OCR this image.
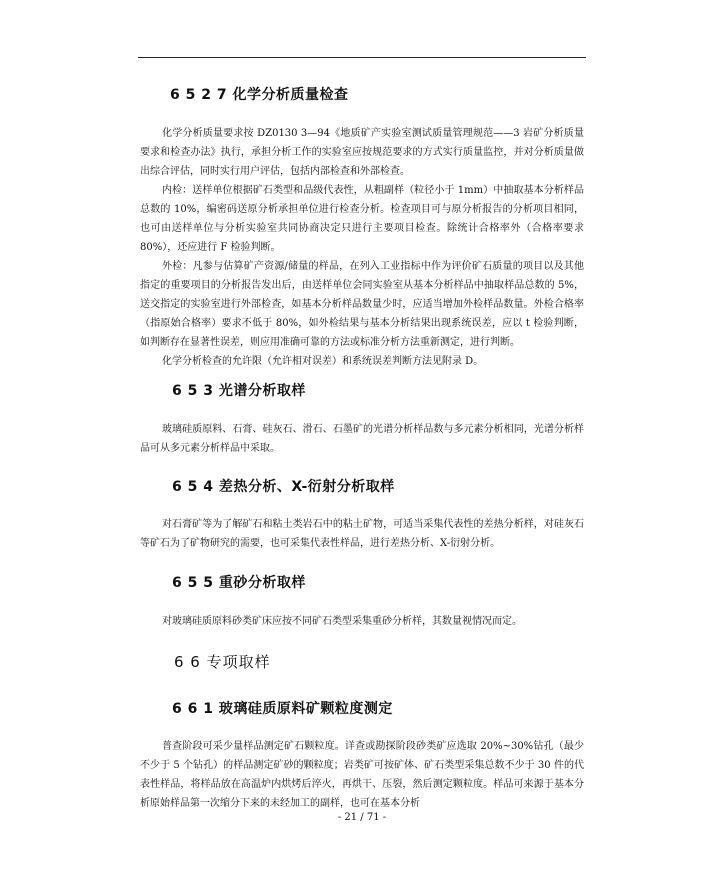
6 5 2 7 化学分析质量检查

化学分析质量要求按 DZ0130 3—94《地质矿产实验室测试质量管理规范——3 岩矿分析质量要求和检查办法》执行，承担分析工作的实验室应按规范要求的方式实行质量监控，并对分析质量做出综合评估，同时实行用户评估，包括内部检查和外部检查。

内检：送样单位根据矿石类型和品级代表性，从粗副样（粒径小于 1mm）中抽取基本分析样品总数的 10%，编密码送原分析承担单位进行检查分析。检查项目可与原分析报告的分析项目相同，也可由送样单位与分析实验室共同协商决定只进行主要项目检查。除统计合格率外（合格率要求 80%），还应进行 F 检验判断。

外检：凡参与估算矿产资源/储量的样品，在列入工业指标中作为评价矿石质量的项目以及其他指定的重要项目的分析报告发出后，由送样单位会同实验室从基本分析样品中抽取样品总数的 5%，送交指定的实验室进行外部检查，如基本分析样品数量少时，应适当增加外检样品数量。外检合格率（指原始合格率）要求不低于 80%，如外检结果与基本分析结果出现系统误差，应以 t 检验判断，如判断存在显著性误差，则应用准确可靠的方法或标准分析方法重新测定，进行判断。

化学分析检查的允许限（允许相对误差）和系统误差判断方法见附录 D。

6 5 3 光谱分析取样

玻璃硅质原料、石膏、硅灰石、滑石、石墨矿的光谱分析样品数与多元素分析相同，光谱分析样品可从多元素分析样品中采取。

6 5 4 差热分析、X-衍射分析取样

对石膏矿等为了解矿石和粘土类岩石中的粘土矿物，可适当采集代表性的差热分析样，对硅灰石等矿石为了矿物研究的需要，也可采集代表性样品，进行差热分析、X-衍射分析。

6 5 5 重砂分析取样

对玻璃硅质原料砂类矿床应按不同矿石类型采集重砂分析样，其数量视情况而定。

6 6 专项取样
6 6 1 玻璃硅质原料矿颗粒度测定

普查阶段可采少量样品测定矿石颗粒度。详查或勘探阶段砂类矿应选取 20%~30%钻孔（最少不少于 5 个钻孔）的样品测定矿砂的颗粒度；岩类矿可按矿体、矿石类型采集总数不少于 30 件的代表性样品，将样品放在高温炉内烘烤后淬火，再烘干、压裂，然后测定颗粒度。样品可来源于基本分析原始样品第一次缩分下来的未经加工的副样，也可在基本分析

- 21 / 71 -
